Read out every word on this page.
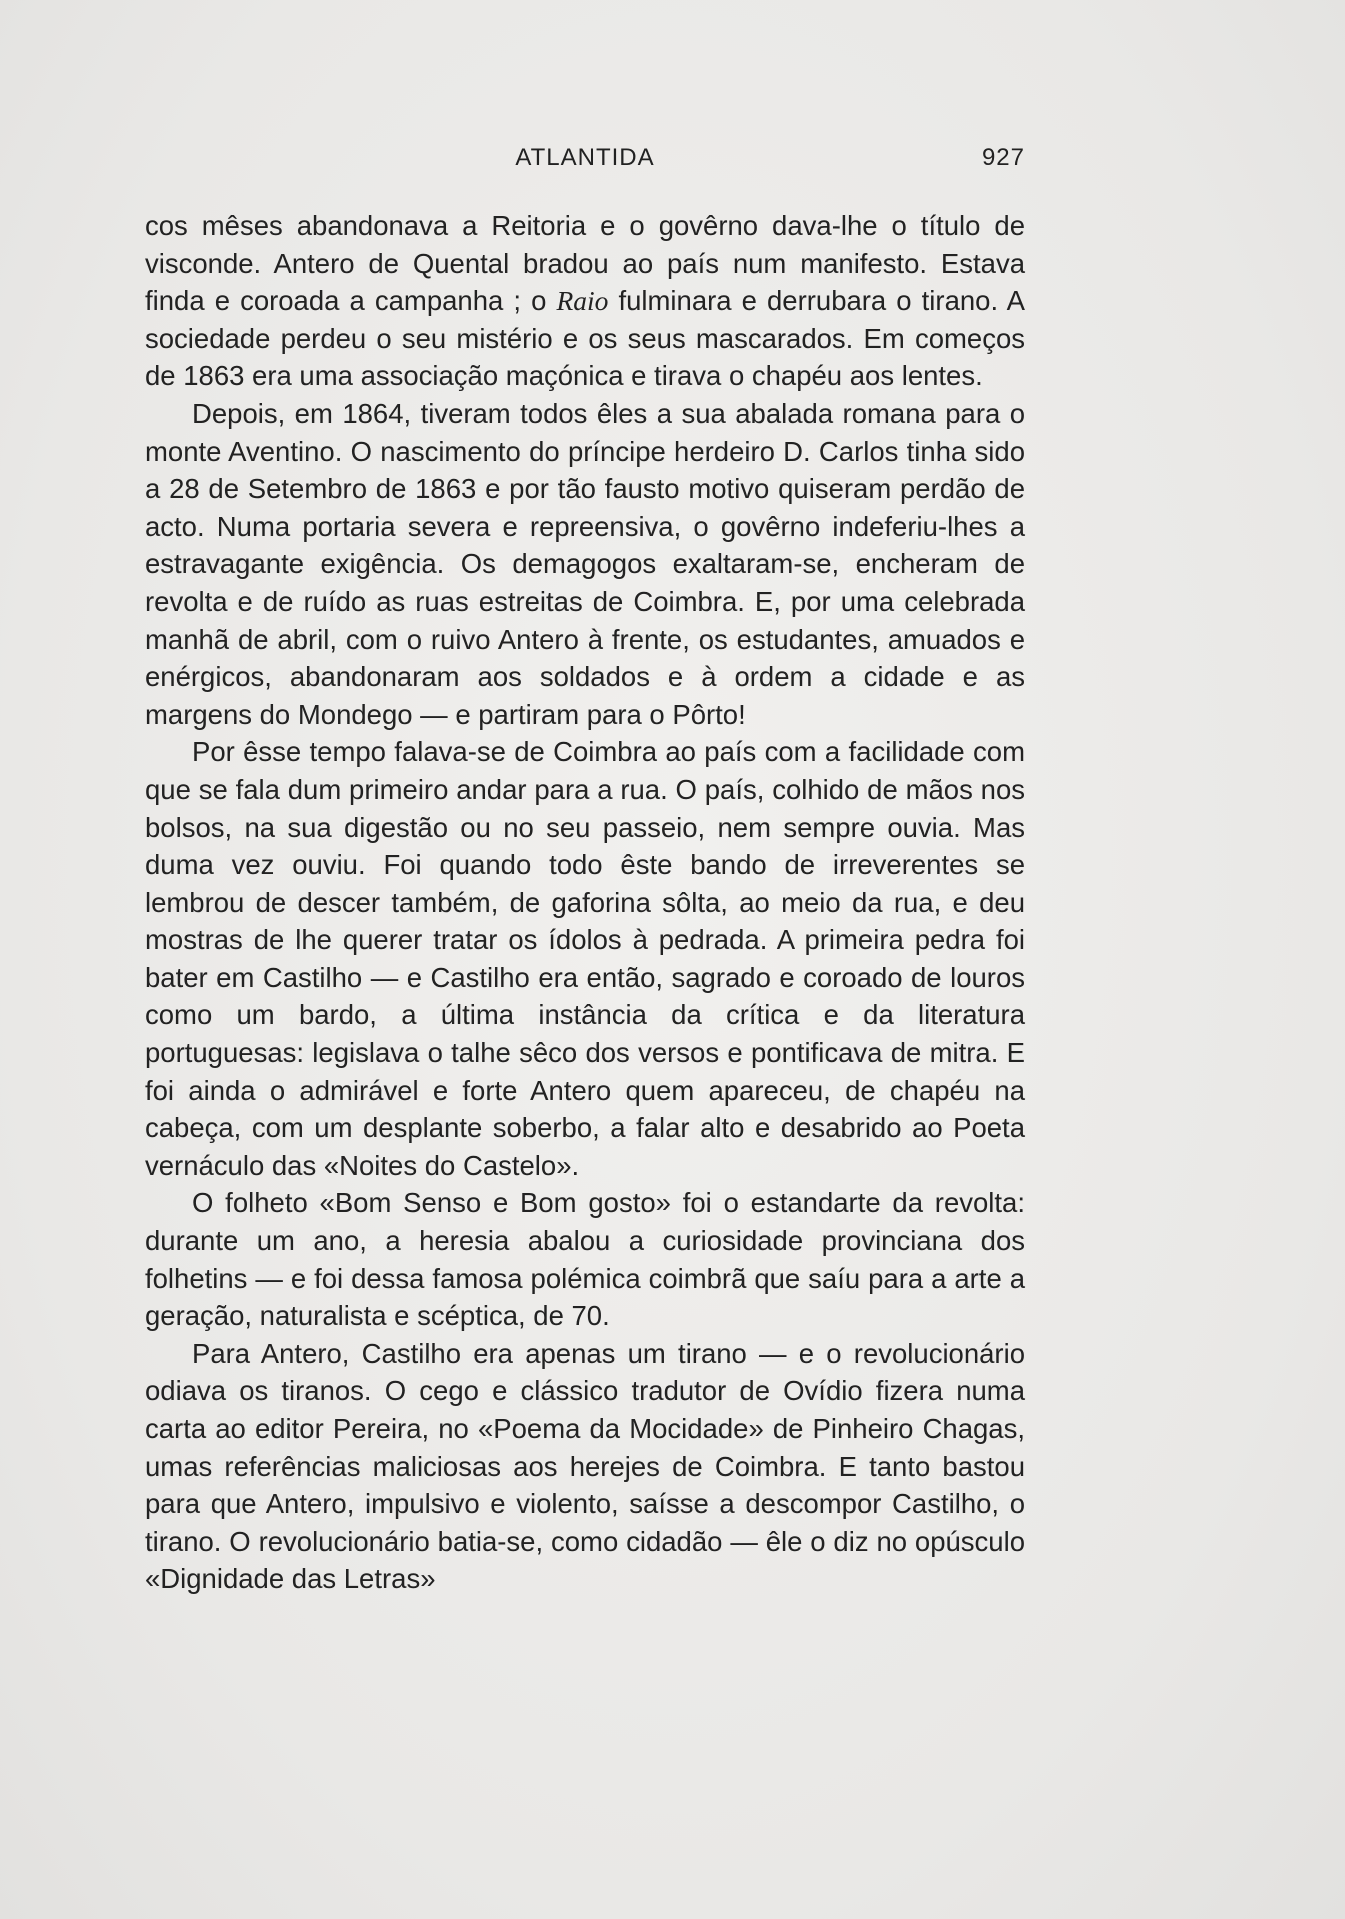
ATLANTIDA	927

cos mêses abandonava a Reitoria e o govêrno dava-lhe o título de visconde. Antero de Quental bradou ao país num manifesto. Estava finda e coroada a campanha ; o Raio fulminara e derrubara o tirano. A sociedade perdeu o seu mistério e os seus mascarados. Em começos de 1863 era uma associação maçónica e tirava o chapéu aos lentes.

Depois, em 1864, tiveram todos êles a sua abalada romana para o monte Aventino. O nascimento do príncipe herdeiro D. Carlos tinha sido a 28 de Setembro de 1863 e por tão fausto motivo quiseram perdão de acto. Numa portaria severa e repreensiva, o govêrno indeferiu-lhes a estravagante exigência. Os demagogos exaltaram-se, encheram de revolta e de ruído as ruas estreitas de Coimbra. E, por uma celebrada manhã de abril, com o ruivo Antero à frente, os estudantes, amuados e enérgicos, abandonaram aos soldados e à ordem a cidade e as margens do Mondego — e partiram para o Pôrto!

Por êsse tempo falava-se de Coimbra ao país com a facilidade com que se fala dum primeiro andar para a rua. O país, colhido de mãos nos bolsos, na sua digestão ou no seu passeio, nem sempre ouvia. Mas duma vez ouviu. Foi quando todo êste bando de irreverentes se lembrou de descer também, de gaforina sôlta, ao meio da rua, e deu mostras de lhe querer tratar os ídolos à pedrada. A primeira pedra foi bater em Castilho — e Castilho era então, sagrado e coroado de louros como um bardo, a última instância da crítica e da literatura portuguesas: legislava o talhe sêco dos versos e pontificava de mitra. E foi ainda o admirável e forte Antero quem apareceu, de chapéu na cabeça, com um desplante soberbo, a falar alto e desabrido ao Poeta vernáculo das «Noites do Castelo».

O folheto «Bom Senso e Bom gosto» foi o estandarte da revolta: durante um ano, a heresia abalou a curiosidade provinciana dos folhetins — e foi dessa famosa polémica coimbrã que saíu para a arte a geração, naturalista e scéptica, de 70.

Para Antero, Castilho era apenas um tirano — e o revolucionário odiava os tiranos. O cego e clássico tradutor de Ovídio fizera numa carta ao editor Pereira, no «Poema da Mocidade» de Pinheiro Chagas, umas referências maliciosas aos herejes de Coimbra. E tanto bastou para que Antero, impulsivo e violento, saísse a descompor Castilho, o tirano. O revolucionário batia-se, como cidadão — êle o diz no opúsculo «Dignidade das Letras»
